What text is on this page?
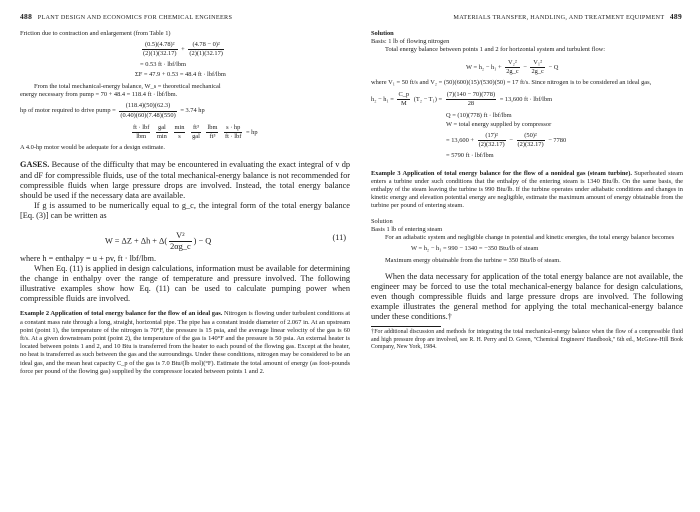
488 PLANT DESIGN AND ECONOMICS FOR CHEMICAL ENGINEERS	MATERIALS TRANSFER, HANDLING, AND TREATMENT EQUIPMENT 489

Friction due to contraction and enlargement (from Table 1)

$\frac{\text{(0.5)(4.78)²}}{(2)(1)(32.17)} + \frac{\text{(4.78 − 0)²}}{(2)(1)(32.17)}$

= 0.53 ft · lbf/lbm

ΣF = 47.9 + 0.53 = 48.4 ft · lbf/lbm

From the total mechanical-energy balance, W_s = theoretical mechanical

energy necessary from pump = 70 + 48.4 = 118.4 ft · lbf/lbm.

hp of motor required to drive pump = $\frac{(118.4)(50)(62.3)}{(0.40)(60)(7.48)(550)} = 3.74$ hp
$\frac{\text{ft · lbf}}{\text{lbm}}$
$\frac{\text{gal}}{\min}$
$\frac{\min}{s}$
$\frac{\text{ft³}}{\text{gal}}$
$\frac{\text{lbm}}{\text{ft³}}$
$\frac{s \cdot hp}{\text{ft · lbf}}$ = hp

A 4.0-hp motor would be adequate for a design estimate.

GASES. Because of the difficulty that may be encountered in evaluating the exact integral of v dp and dF for compressible fluids, use of the total mechanical-energy balance is not recommended for compressible fluids when large pressure drops are involved. Instead, the total energy balance should be used if the necessary data are available.

If g is assumed to be numerically equal to g_c, the integral form of the total energy balance [Eq. (3)] can be written as

$W = \Delta Z + \Delta h + \Delta( \frac{\text{V²}}{2\alpha g\_c}$ ) − Q	(11)

where h = enthalpy = u + pv, ft · lbf/lbm.

When Eq. (11) is applied in design calculations, information must be available for determining the change in enthalpy over the range of temperature and pressure involved. The following illustrative examples show how Eq. (11) can be used to calculate pumping power when compressible fluids are involved.

Example 2 Application of total energy balance for the flow of an ideal gas. Nitrogen is flowing under turbulent conditions at a constant mass rate through a long, straight, horizontal pipe. The pipe has a constant inside diameter of 2.067 in. At an upstream point (point 1), the temperature of the nitrogen is 70°F, the pressure is 15 psia, and the average linear velocity of the gas is 60 ft/s. At a given downstream point (point 2), the temperature of the gas is 140°F and the pressure is 50 psia. An external heater is located between points 1 and 2, and 10 Btu is transferred from the heater to each pound of the flowing gas. Except at the heater, no heat is transferred as such between the gas and the surroundings. Under these conditions, nitrogen may be considered to be an ideal gas, and the mean heat capacity C_p of the gas is 7.0 Btu/(lb mol)(°F). Estimate the total amount of energy (as foot-pounds force per pound of the flowing gas) supplied by the compressor located between points 1 and 2.

Solution

Basis: 1 lb of flowing nitrogen

Total energy balance between points 1 and 2 for horizontal system and turbulent flow:

$W = h_2 - h_1 + \frac{\text{V₂²}}{2g\_c} - \frac{\text{V₁²}}{2g\_c} - Q$

where V₁ = 50 ft/s and V₂ = (50)(600)(15)/(530)(50) = 17 ft/s. Since nitrogen is to be considered an ideal gas,

$h_2 - h_1 = \frac{C\_p}{M} (T_2 - T_1) = \frac{(7)(140 - 70)(778)}{28} = 13,600$ ft · lbf/lbm

Q = (10)(778) ft · lbf/lbm

W = total energy supplied by compressor

= $13,600 + \frac{\text{(17)²}}{(2)(32.17)} - \frac{\text{(50)²}}{(2)(32.17)} - 7780$

= 5790 ft · lbf/lbm

Example 3 Application of total energy balance for the flow of a nonideal gas (steam turbine). Superheated steam enters a turbine under such conditions that the enthalpy of the entering steam is 1340 Btu/lb. On the same basis, the enthalpy of the steam leaving the turbine is 990 Btu/lb. If the turbine operates under adiabatic conditions and changes in kinetic energy and elevation potential energy are negligible, estimate the maximum amount of energy obtainable from the turbine per pound of entering steam.

Solution

Basis 1 lb of entering steam

For an adiabatic system and negligible change in potential and kinetic energies, the total energy balance becomes

W = h₂ − h₁ = 990 − 1340 = −350 Btu/lb of steam

Maximum energy obtainable from the turbine = 350 Btu/lb of steam.

When the data necessary for application of the total energy balance are not available, the engineer may be forced to use the total mechanical-energy balance for design calculations, even though compressible fluids and large pressure drops are involved. The following example illustrates the general method for applying the total mechanical-energy balance under these conditions.†

†For additional discussion and methods for integrating the total mechanical-energy balance when the flow of a compressible fluid and high pressure drop are involved, see R. H. Perry and D. Green, "Chemical Engineers' Handbook," 6th ed., McGraw-Hill Book Company, New York, 1984.
